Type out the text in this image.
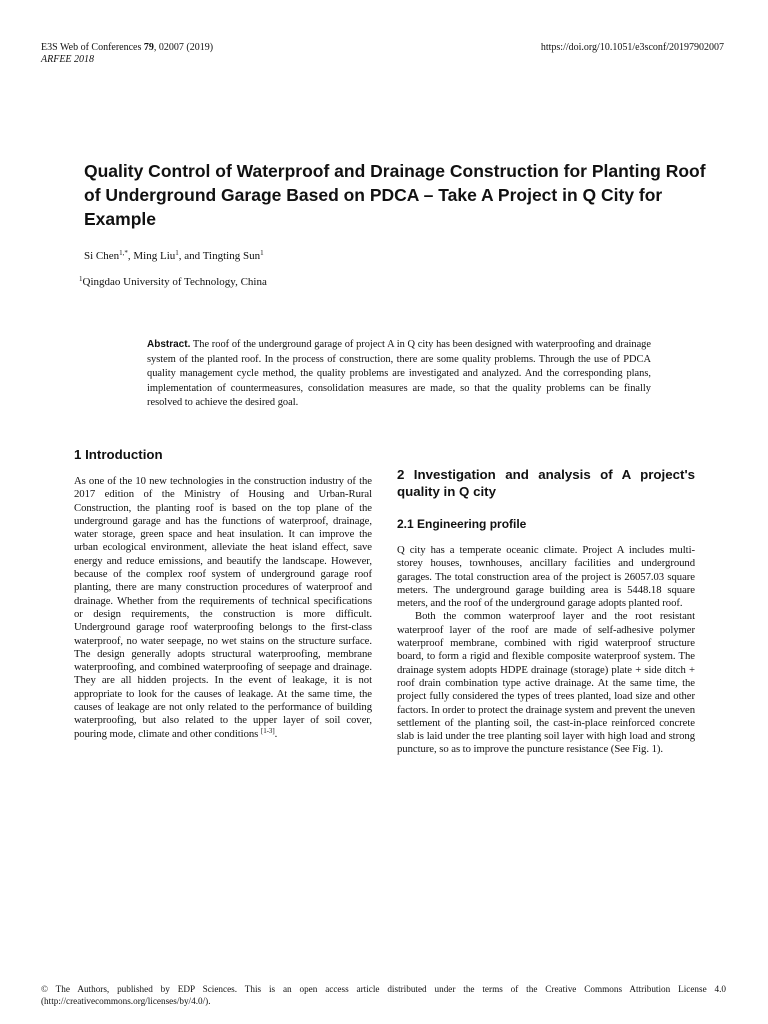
E3S Web of Conferences 79, 02007 (2019)
ARFEE 2018
https://doi.org/10.1051/e3sconf/20197902007
Quality Control of Waterproof and Drainage Construction for Planting Roof of Underground Garage Based on PDCA – Take A Project in Q City for Example
Si Chen$^{1,*}$, Ming Liu$^1$, and Tingting Sun$^1$
$^1$Qingdao University of Technology, China

Abstract. The roof of the underground garage of project A in Q city has been designed with waterproofing and drainage system of the planted roof. In the process of construction, there are some quality problems. Through the use of PDCA quality management cycle method, the quality problems are investigated and analyzed. And the corresponding plans, implementation of countermeasures, consolidation measures are made, so that the quality problems can be finally resolved to achieve the desired goal.

1 Introduction

As one of the 10 new technologies in the construction industry of the 2017 edition of the Ministry of Housing and Urban-Rural Construction, the planting roof is based on the top plane of the underground garage and has the functions of waterproof, drainage, water storage, green space and heat insulation. It can improve the urban ecological environment, alleviate the heat island effect, save energy and reduce emissions, and beautify the landscape. However, because of the complex roof system of underground garage roof planting, there are many construction procedures of waterproof and drainage. Whether from the requirements of technical specifications or design requirements, the construction is more difficult. Underground garage roof waterproofing belongs to the first-class waterproof, no water seepage, no wet stains on the structure surface. The design generally adopts structural waterproofing, membrane waterproofing, and combined waterproofing of seepage and drainage. They are all hidden projects. In the event of leakage, it is not appropriate to look for the causes of leakage. At the same time, the causes of leakage are not only related to the performance of building waterproofing, but also related to the upper layer of soil cover, pouring mode, climate and other conditions [1-3].

2 Investigation and analysis of A project's quality in Q city
2.1 Engineering profile

Q city has a temperate oceanic climate. Project A includes multi-storey houses, townhouses, ancillary facilities and underground garages. The total construction area of the project is 26057.03 square meters. The underground garage building area is 5448.18 square meters, and the roof of the underground garage adopts planted roof.

Both the common waterproof layer and the root resistant waterproof layer of the roof are made of self-adhesive polymer waterproof membrane, combined with rigid waterproof structure board, to form a rigid and flexible composite waterproof system. The drainage system adopts HDPE drainage (storage) plate + side ditch + roof drain combination type active drainage. At the same time, the project fully considered the types of trees planted, load size and other factors. In order to protect the drainage system and prevent the uneven settlement of the planting soil, the cast-in-place reinforced concrete slab is laid under the tree planting soil layer with high load and strong puncture, so as to improve the puncture resistance (See Fig. 1).

© The Authors, published by EDP Sciences. This is an open access article distributed under the terms of the Creative Commons Attribution License 4.0
(http://creativecommons.org/licenses/by/4.0/).
